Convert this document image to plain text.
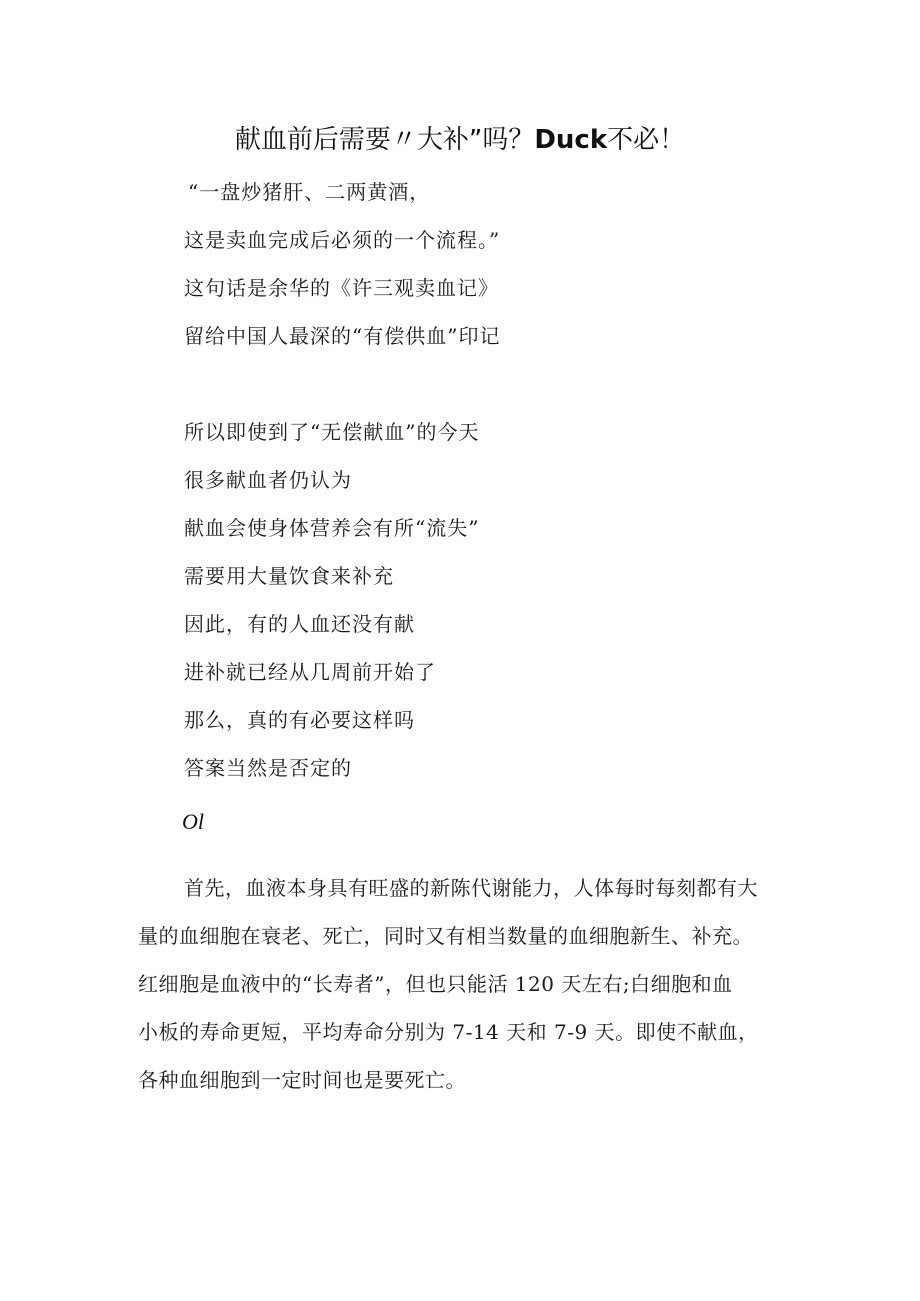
献血前后需要〃大补”吗？Duck不必！
“一盘炒猪肝、二两黄酒，
这是卖血完成后必须的一个流程。”
这句话是余华的《许三观卖血记》
留给中国人最深的“有偿供血”印记
所以即使到了“无偿献血”的今天
很多献血者仍认为
献血会使身体营养会有所“流失”
需要用大量饮食来补充
因此，有的人血还没有献
进补就已经从几周前开始了
那么，真的有必要这样吗
答案当然是否定的
Ol
首先，血液本身具有旺盛的新陈代谢能力，人体每时每刻都有大
量的血细胞在衰老、死亡，同时又有相当数量的血细胞新生、补充。
红细胞是血液中的“长寿者”，但也只能活 120 天左右;白细胞和血
小板的寿命更短，平均寿命分别为 7-14 天和 7-9 天。即使不献血，
各种血细胞到一定时间也是要死亡。
